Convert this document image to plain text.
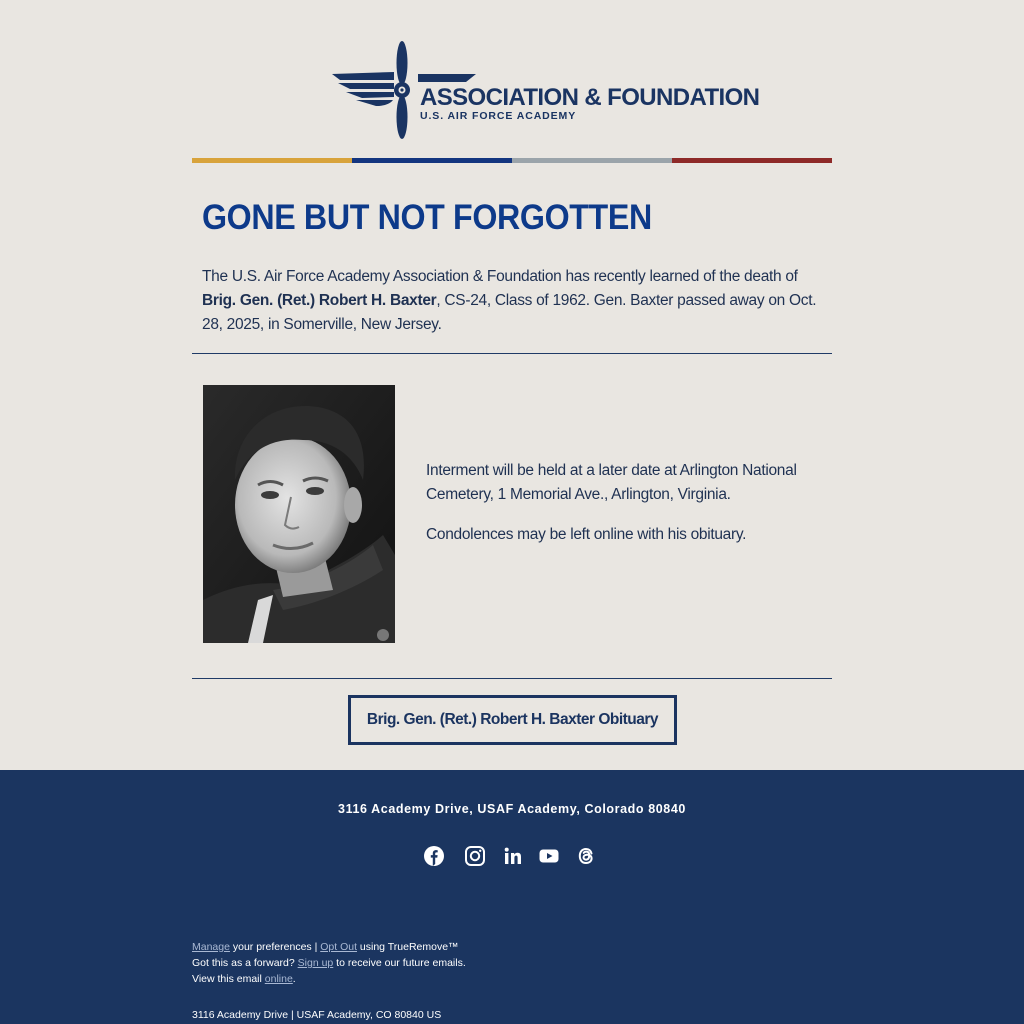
ASSOCIATION & FOUNDATION
U.S. AIR FORCE ACADEMY
GONE BUT NOT FORGOTTEN

The U.S. Air Force Academy Association & Foundation has recently learned of the death of Brig. Gen. (Ret.) Robert H. Baxter, CS-24, Class of 1962. Gen. Baxter passed away on Oct. 28, 2025, in Somerville, New Jersey.

Interment will be held at a later date at Arlington National Cemetery, 1 Memorial Ave., Arlington, Virginia.

Condolences may be left online with his obituary.

Brig. Gen. (Ret.) Robert H. Baxter Obituary
3116 Academy Drive, USAF Academy, Colorado 80840
Manage your preferences | Opt Out using TrueRemove™
Got this as a forward? Sign up to receive our future emails.
View this email online.
3116 Academy Drive | USAF Academy, CO 80840 US
